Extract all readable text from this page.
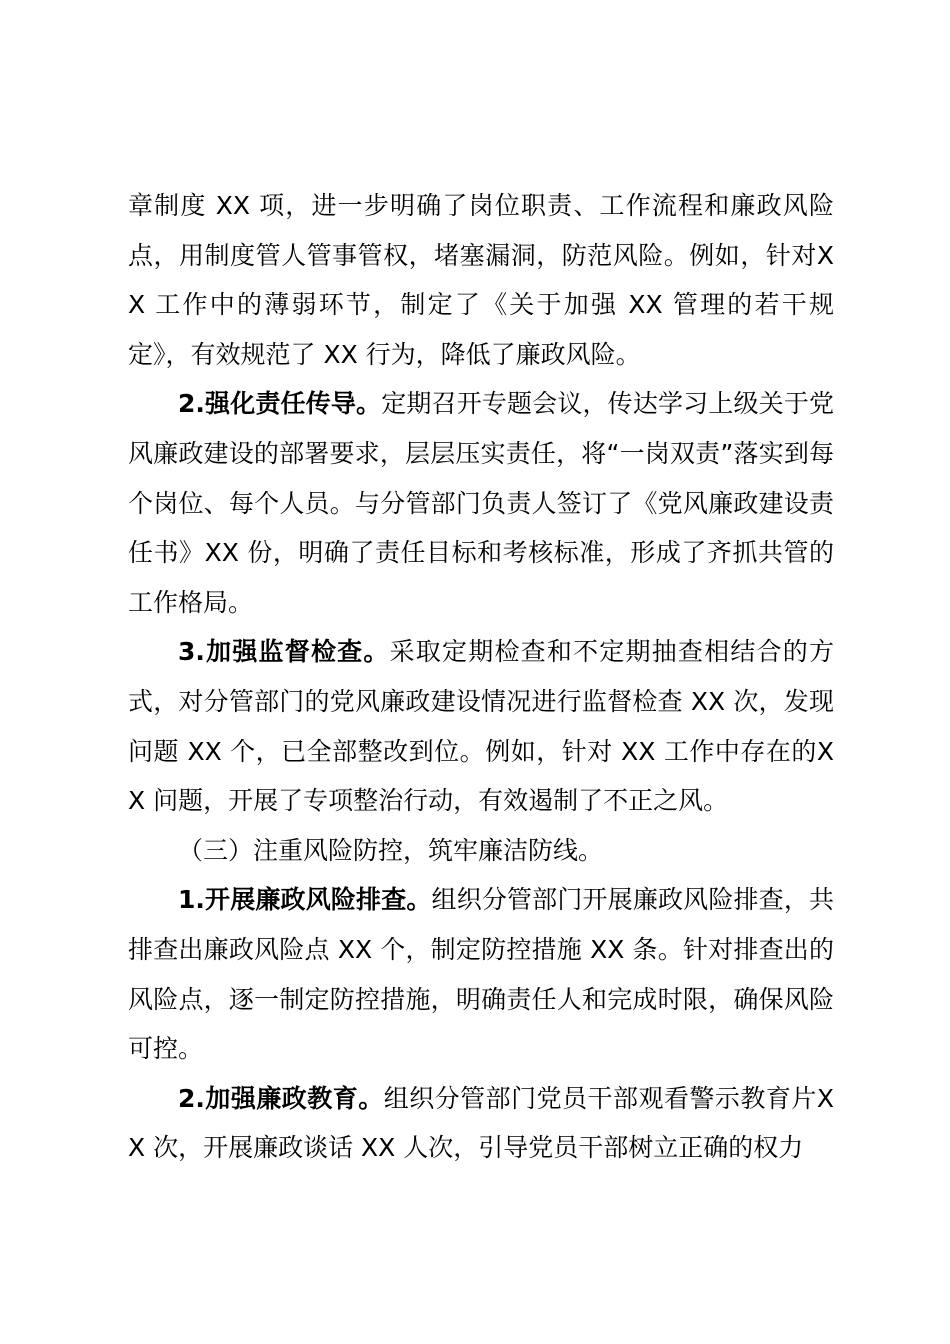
章制度 XX 项，进一步明确了岗位职责、工作流程和廉政风险点，用制度管人管事管权，堵塞漏洞，防范风险。例如，针对XX 工作中的薄弱环节，制定了《关于加强 XX 管理的若干规定》，有效规范了 XX 行为，降低了廉政风险。

2.强化责任传导。定期召开专题会议，传达学习上级关于党风廉政建设的部署要求，层层压实责任，将“一岗双责”落实到每个岗位、每个人员。与分管部门负责人签订了《党风廉政建设责任书》XX 份，明确了责任目标和考核标准，形成了齐抓共管的工作格局。

3.加强监督检查。采取定期检查和不定期抽查相结合的方式，对分管部门的党风廉政建设情况进行监督检查 XX 次，发现问题 XX 个，已全部整改到位。例如，针对 XX 工作中存在的XX 问题，开展了专项整治行动，有效遏制了不正之风。

（三）注重风险防控，筑牢廉洁防线。

1.开展廉政风险排查。组织分管部门开展廉政风险排查，共排查出廉政风险点 XX 个，制定防控措施 XX 条。针对排查出的风险点，逐一制定防控措施，明确责任人和完成时限，确保风险可控。

2.加强廉政教育。组织分管部门党员干部观看警示教育片XX 次，开展廉政谈话 XX 人次，引导党员干部树立正确的权力
